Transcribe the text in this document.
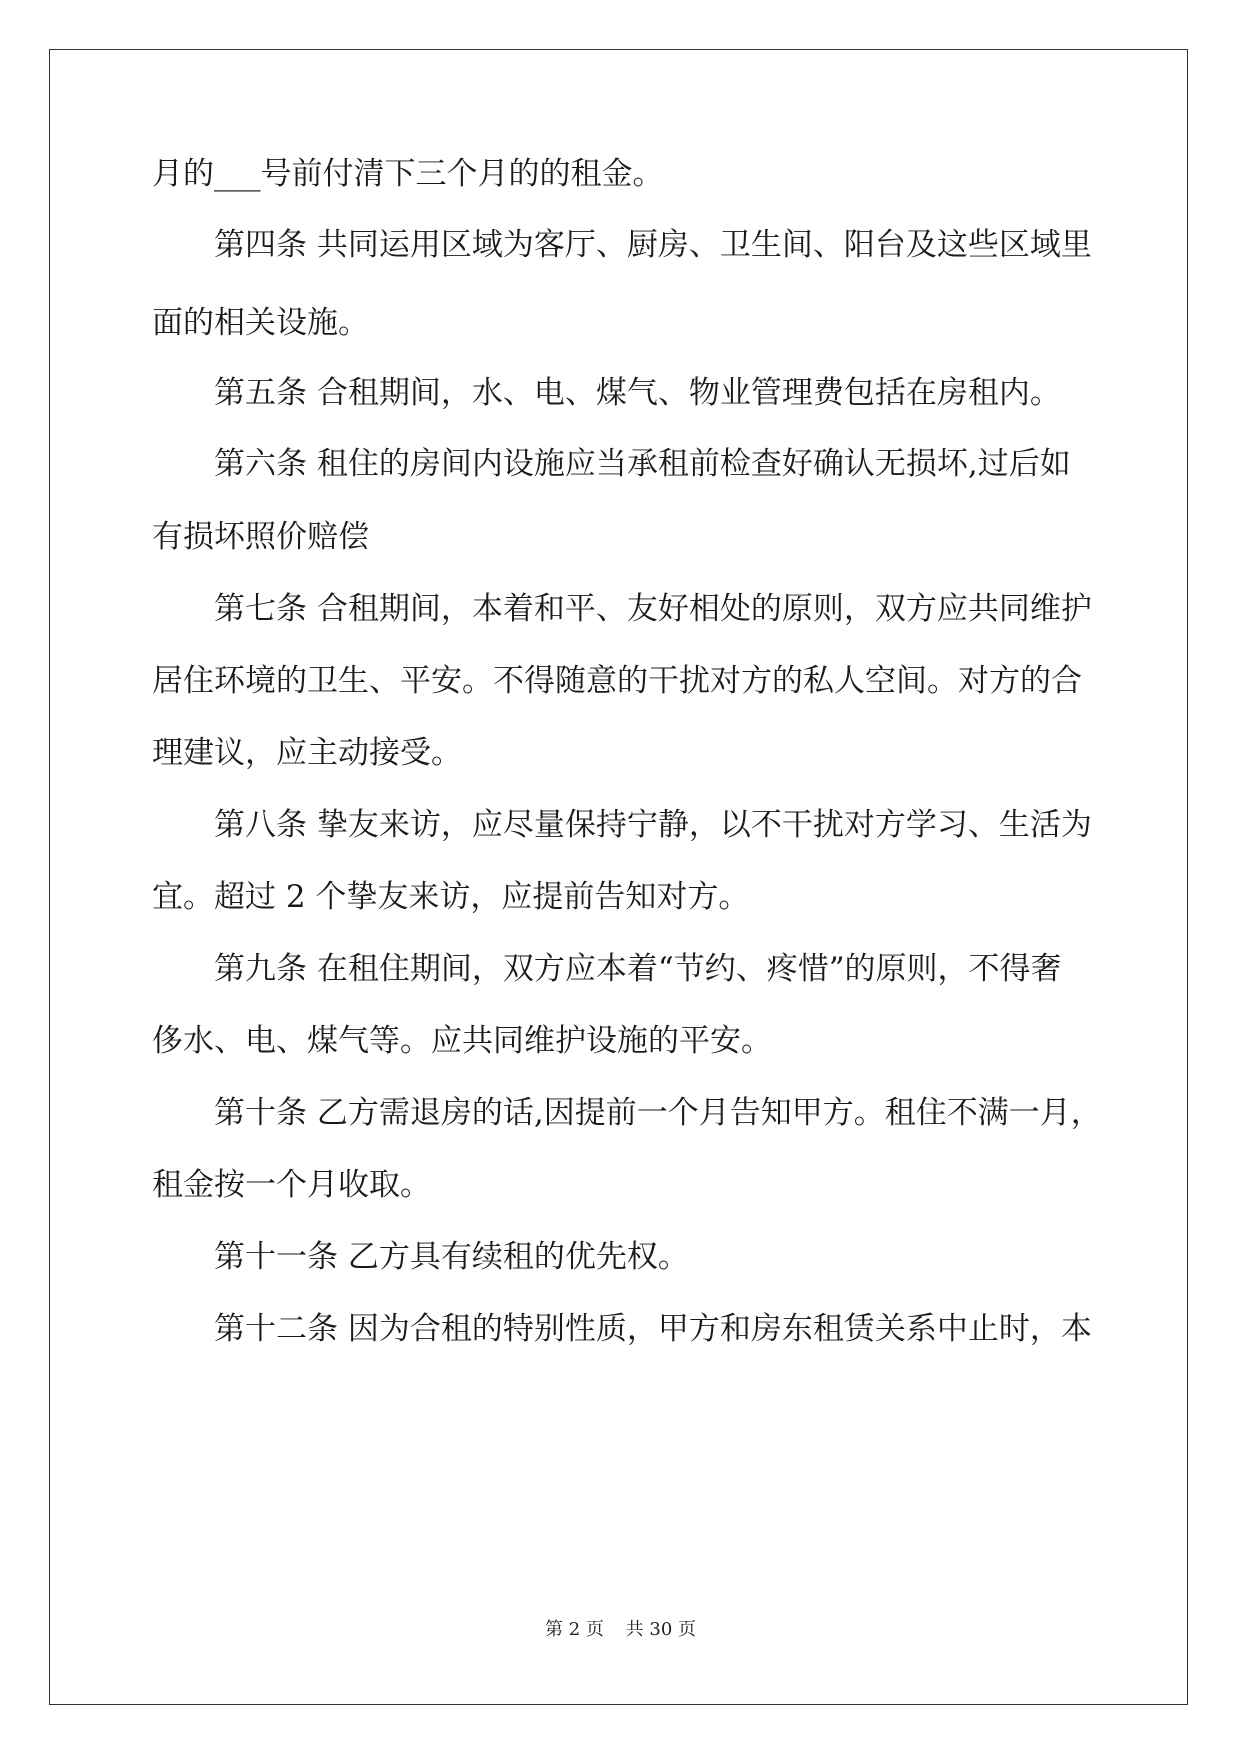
月的___号前付清下三个月的的租金。
第四条 共同运用区域为客厅、厨房、卫生间、阳台及这些区域里
面的相关设施。
第五条 合租期间，水、电、煤气、物业管理费包括在房租内。
第六条 租住的房间内设施应当承租前检查好确认无损坏,过后如
有损坏照价赔偿
第七条 合租期间，本着和平、友好相处的原则，双方应共同维护
居住环境的卫生、平安。不得随意的干扰对方的私人空间。对方的合
理建议，应主动接受。
第八条 挚友来访，应尽量保持宁静，以不干扰对方学习、生活为
宜。超过 2 个挚友来访，应提前告知对方。
第九条 在租住期间，双方应本着“节约、疼惜”的原则，不得奢
侈水、电、煤气等。应共同维护设施的平安。
第十条 乙方需退房的话,因提前一个月告知甲方。租住不满一月，
租金按一个月收取。
第十一条 乙方具有续租的优先权。
第十二条 因为合租的特别性质，甲方和房东租赁关系中止时，本
第 2 页 共 30 页
